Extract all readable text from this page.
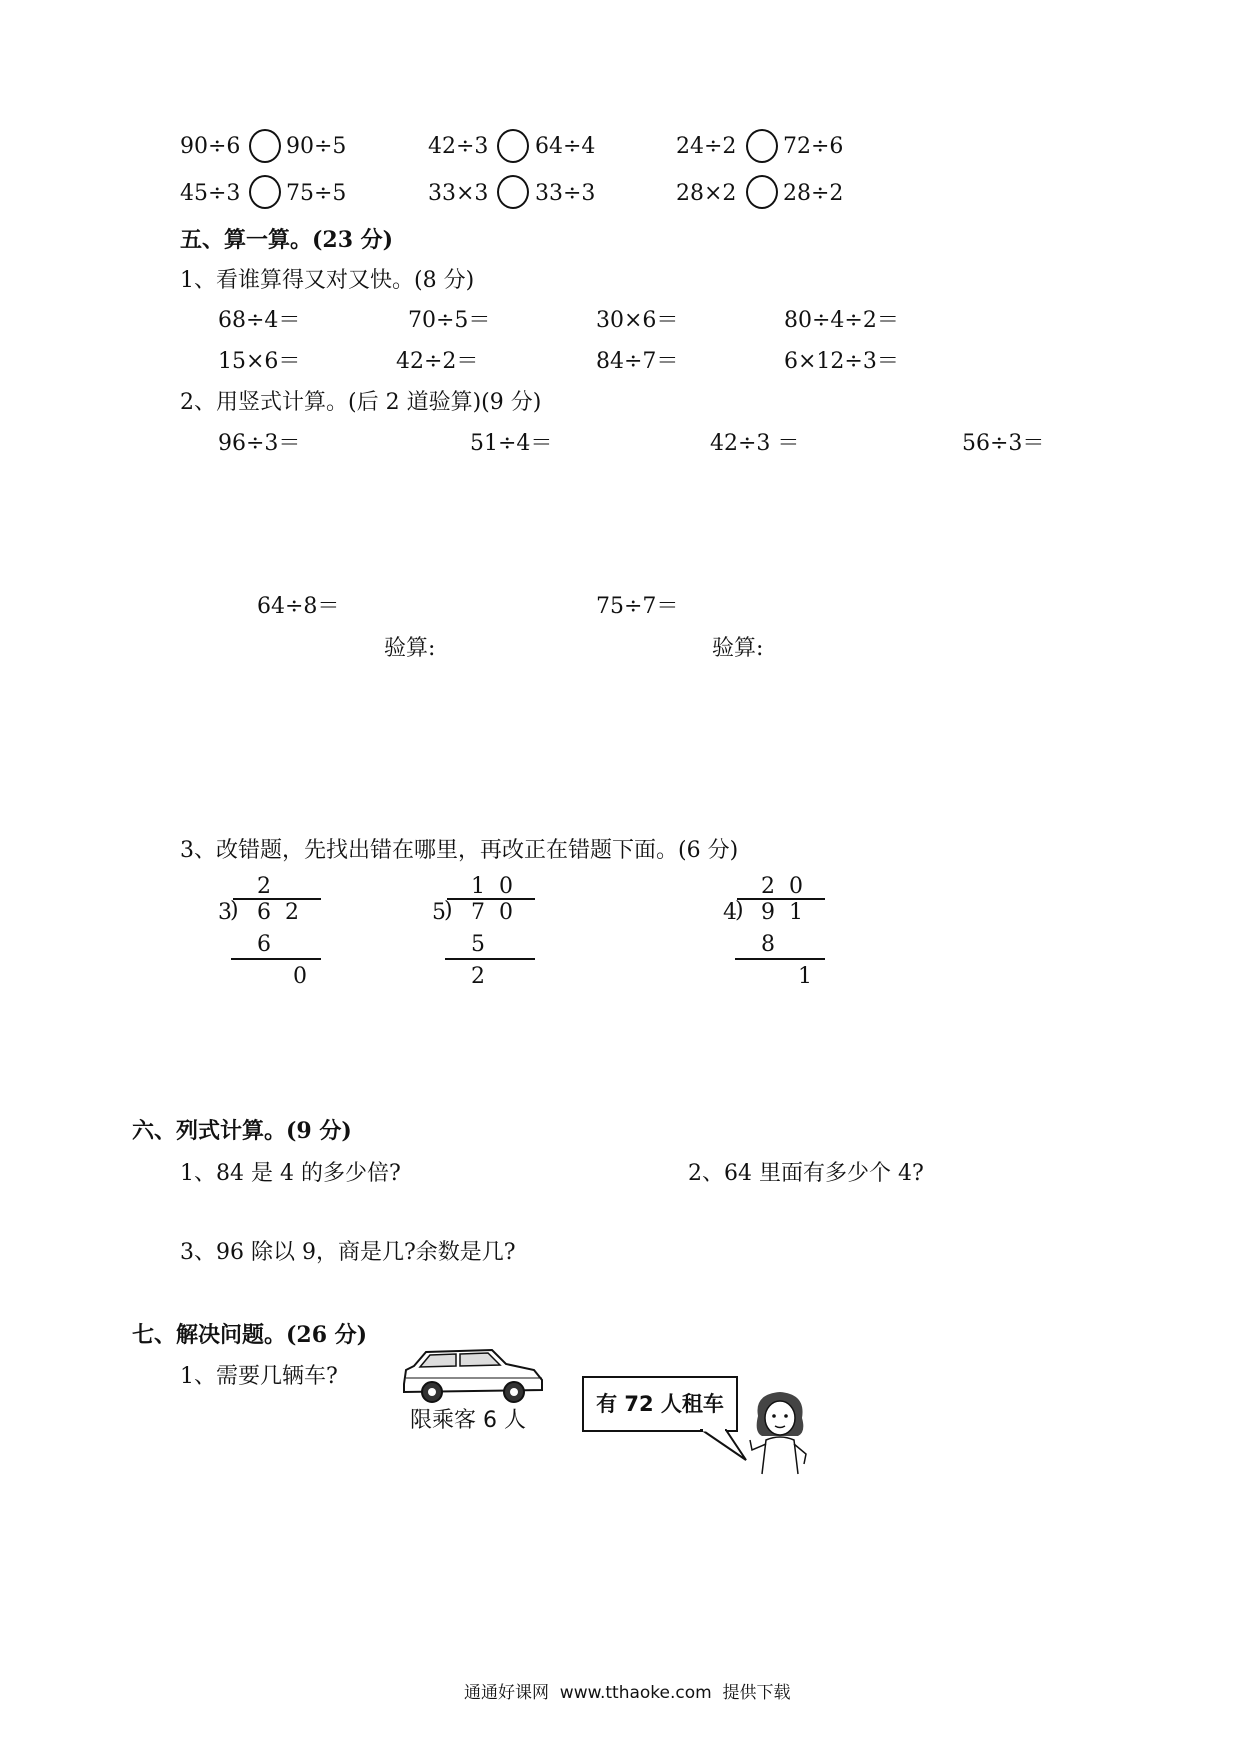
90÷6 90÷5	42÷3 64÷4	24÷2 72÷6
45÷3 75÷5	33×3 33÷3	28×2 28÷2
五、算一算。(23 分)
1、看谁算得又对又快。(8 分)
68÷4＝	70÷5＝	30×6＝	80÷4÷2＝
15×6＝	42÷2＝	84÷7＝	6×12÷3＝
2、用竖式计算。(后 2 道验算)(9 分)
96÷3＝	51÷4＝	42÷3 ＝	56÷3＝
64÷8＝	75÷7＝
验算:	验算:
3、改错题，先找出错在哪里，再改正在错题下面。(6 分)
2
3
) 6  2
6
0
1  0
5
) 7  0
5
2
2  0
4
) 9  1
8
1
六、列式计算。(9 分)
1、84 是 4 的多少倍?	2、64 里面有多少个 4?
3、96 除以 9，商是几?余数是几?
七、解决问题。(26 分)
1、需要几辆车?
限乘客 6 人
有 72 人租车
通通好课网  www.tthaoke.com  提供下载
